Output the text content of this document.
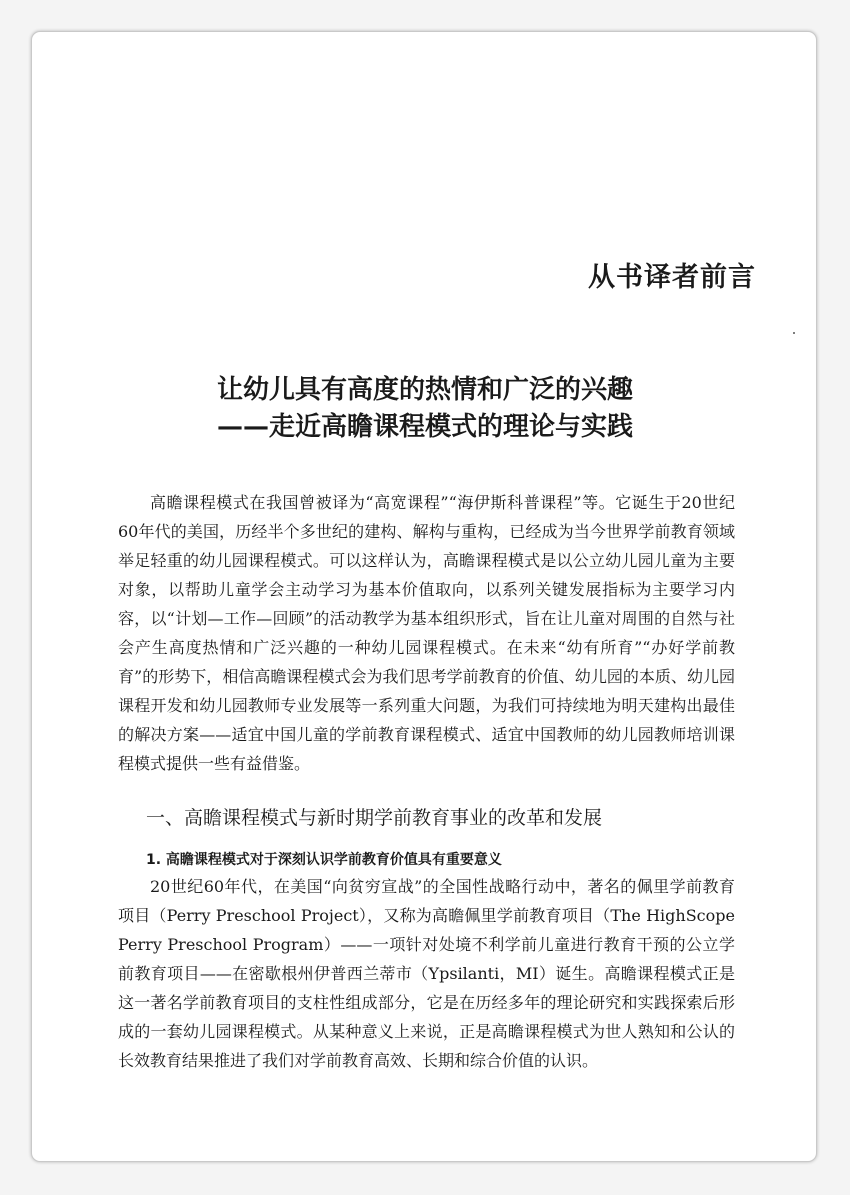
从书译者前言
让幼儿具有高度的热情和广泛的兴趣
——走近高瞻课程模式的理论与实践

高瞻课程模式在我国曾被译为“高宽课程”“海伊斯科普课程”等。它诞生于20世纪60年代的美国，历经半个多世纪的建构、解构与重构，已经成为当今世界学前教育领域举足轻重的幼儿园课程模式。可以这样认为，高瞻课程模式是以公立幼儿园儿童为主要对象，以帮助儿童学会主动学习为基本价值取向，以系列关键发展指标为主要学习内容，以“计划—工作—回顾”的活动教学为基本组织形式，旨在让儿童对周围的自然与社会产生高度热情和广泛兴趣的一种幼儿园课程模式。在未来“幼有所育”“办好学前教育”的形势下，相信高瞻课程模式会为我们思考学前教育的价值、幼儿园的本质、幼儿园课程开发和幼儿园教师专业发展等一系列重大问题，为我们可持续地为明天建构出最佳的解决方案——适宜中国儿童的学前教育课程模式、适宜中国教师的幼儿园教师培训课程模式提供一些有益借鉴。

一、高瞻课程模式与新时期学前教育事业的改革和发展
1. 高瞻课程模式对于深刻认识学前教育价值具有重要意义

20世纪60年代，在美国“向贫穷宣战”的全国性战略行动中，著名的佩里学前教育项目（Perry Preschool Project），又称为高瞻佩里学前教育项目（The HighScope Perry Preschool Program）——一项针对处境不利学前儿童进行教育干预的公立学前教育项目——在密歇根州伊普西兰蒂市（Ypsilanti，MI）诞生。高瞻课程模式正是这一著名学前教育项目的支柱性组成部分，它是在历经多年的理论研究和实践探索后形成的一套幼儿园课程模式。从某种意义上来说，正是高瞻课程模式为世人熟知和公认的长效教育结果推进了我们对学前教育高效、长期和综合价值的认识。
